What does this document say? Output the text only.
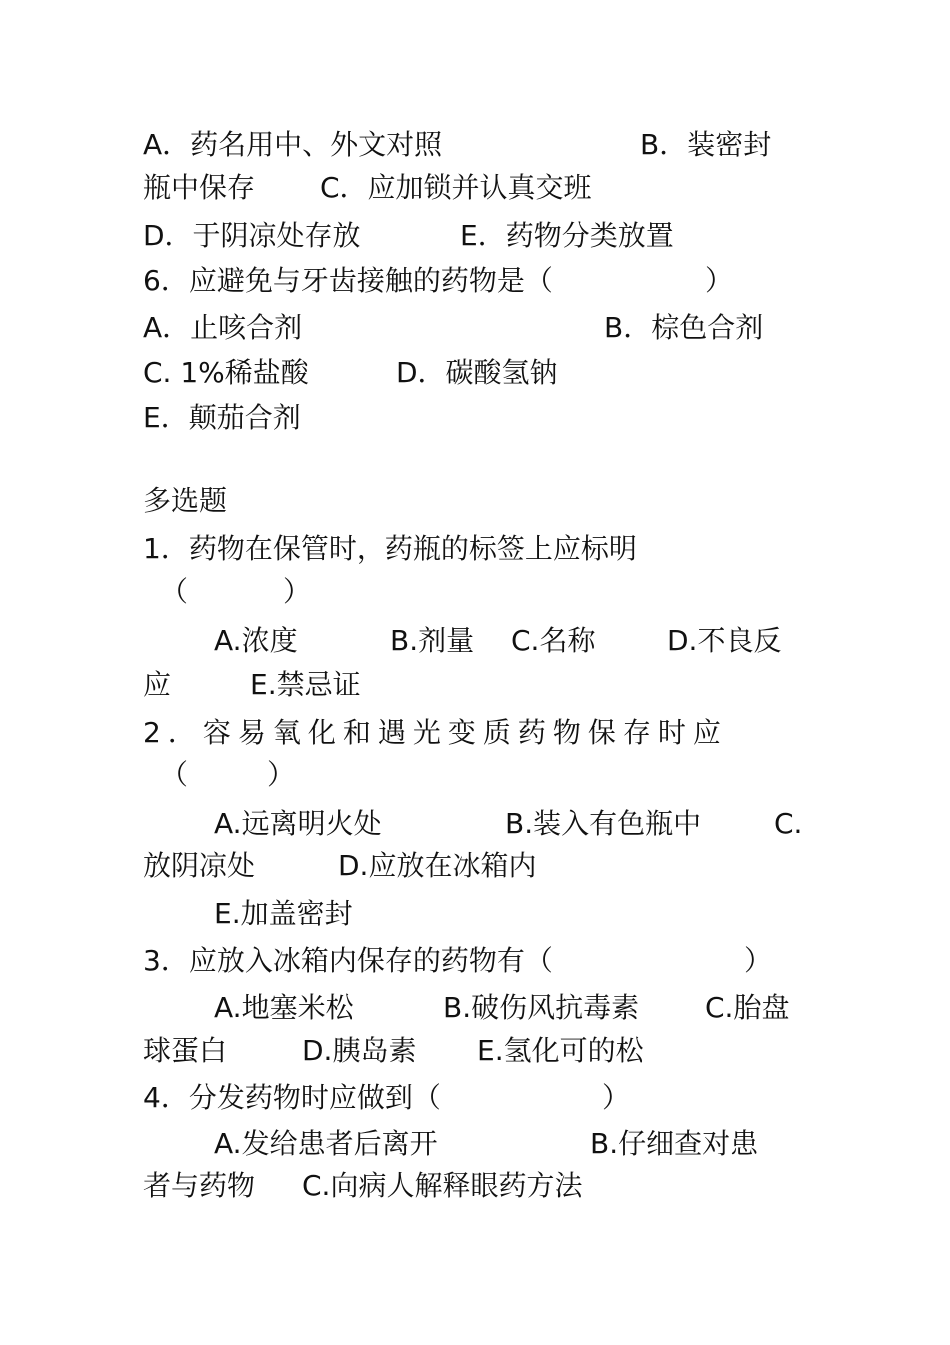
A．药名用中、外文对照	B．装密封
瓶中保存 C．应加锁并认真交班
D．于阴凉处存放	E．药物分类放置
6．应避免与牙齿接触的药物是（	）
A．止咳合剂	B．棕色合剂
C. 1%稀盐酸	D．碳酸氢钠
E．颠茄合剂
多选题
1．药物在保管时，药瓶的标签上应标明
（	）
A.浓度	B.剂量 C.名称	D.不良反
应	E.禁忌证
2．容易氧化和遇光变质药物保存时应
（	）
A.远离明火处	B.装入有色瓶中	C.
放阴凉处	D.应放在冰箱内
E.加盖密封
3．应放入冰箱内保存的药物有（	）
A.地塞米松	B.破伤风抗毒素 C.胎盘
球蛋白	D.胰岛素 E.氢化可的松
4．分发药物时应做到（	）
A.发给患者后离开	B.仔细查对患
者与药物 C.向病人解释眼药方法
